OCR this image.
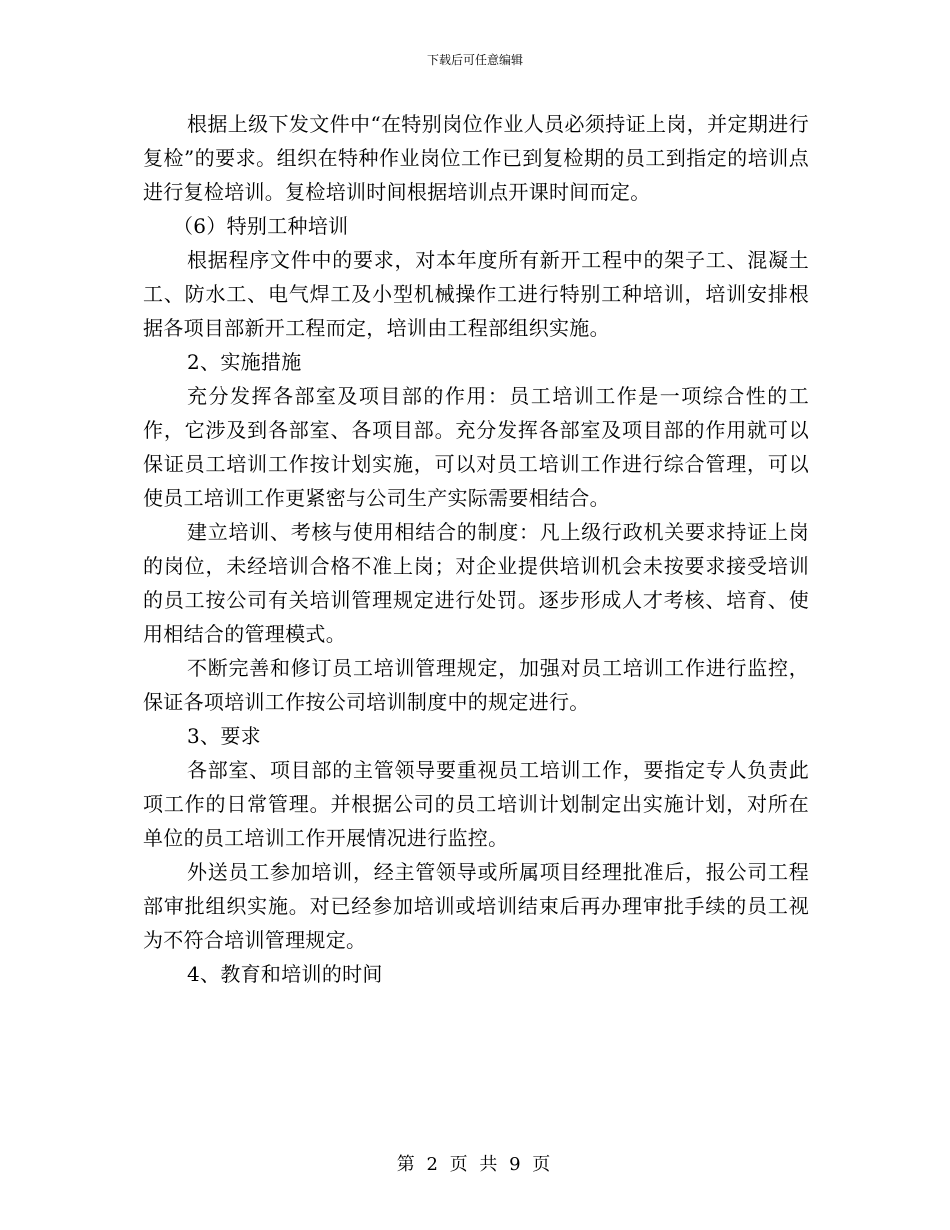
下载后可任意编辑

根据上级下发文件中“在特别岗位作业人员必须持证上岗，并定期进行复检”的要求。组织在特种作业岗位工作已到复检期的员工到指定的培训点进行复检培训。复检培训时间根据培训点开课时间而定。

（6）特别工种培训

根据程序文件中的要求，对本年度所有新开工程中的架子工、混凝土工、防水工、电气焊工及小型机械操作工进行特别工种培训，培训安排根据各项目部新开工程而定，培训由工程部组织实施。

2、实施措施

充分发挥各部室及项目部的作用：员工培训工作是一项综合性的工作，它涉及到各部室、各项目部。充分发挥各部室及项目部的作用就可以保证员工培训工作按计划实施，可以对员工培训工作进行综合管理，可以使员工培训工作更紧密与公司生产实际需要相结合。

建立培训、考核与使用相结合的制度：凡上级行政机关要求持证上岗的岗位，未经培训合格不准上岗；对企业提供培训机会未按要求接受培训的员工按公司有关培训管理规定进行处罚。逐步形成人才考核、培育、使用相结合的管理模式。

不断完善和修订员工培训管理规定，加强对员工培训工作进行监控，保证各项培训工作按公司培训制度中的规定进行。

3、要求

各部室、项目部的主管领导要重视员工培训工作，要指定专人负责此项工作的日常管理。并根据公司的员工培训计划制定出实施计划，对所在单位的员工培训工作开展情况进行监控。

外送员工参加培训，经主管领导或所属项目经理批准后，报公司工程部审批组织实施。对已经参加培训或培训结束后再办理审批手续的员工视为不符合培训管理规定。

4、教育和培训的时间

第 2 页 共 9 页
